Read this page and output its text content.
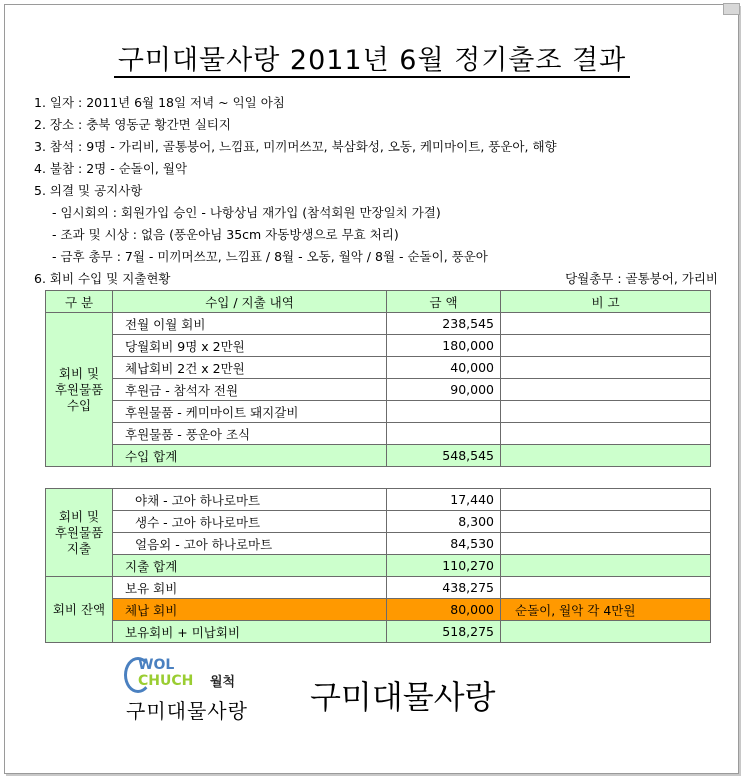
구미대물사랑 2011년 6월 정기출조 결과
1. 일자 : 2011년 6월 18일 저녁 ~ 익일 아침
2. 장소 : 충북 영동군 황간면 실티지
3. 참석 : 9명 - 가리비, 골통붕어, 느낌표, 미끼머쓰꼬, 북삼화성, 오동, 케미마이트, 풍운아, 해향
4. 불참 : 2명 - 순돌이, 월악
5. 의결 및 공지사항
- 임시회의 : 회원가입 승인 - 나항상님 재가입 (참석회원 만장일치 가결)
- 조과 및 시상 : 없음 (풍운아님 35cm 자동방생으로 무효 처리)
- 금후 총무 : 7월 - 미끼머쓰꼬, 느낌표 / 8월 - 오동, 월악 / 8월 - 순돌이, 풍운아
6. 회비 수입 및 지출현황	당월총무 : 골통붕어, 가리비
구 분	수입 / 지출 내역	금 액	비 고
회비 및 후원물품 수입	전월 이월 회비	238,545	
	당월회비 9명 x 2만원	180,000	
	체납회비 2건 x 2만원	40,000	
	후원금 - 참석자 전원	90,000	
	후원물품 - 케미마이트 돼지갈비		
	후원물품 - 풍운아 조식		
	수입 합계	548,545	
회비 및 후원물품 지출	야채 - 고아 하나로마트	17,440	
	생수 - 고아 하나로마트	8,300	
	얼음외 - 고아 하나로마트	84,530	
	지출 합계	110,270	
회비 잔액	보유 회비	438,275	
	체납 회비	80,000	순돌이, 월악 각 4만원
	보유회비 + 미납회비	518,275	
WOL
CHUCH 월척
구미대물사랑 구미대물사랑
